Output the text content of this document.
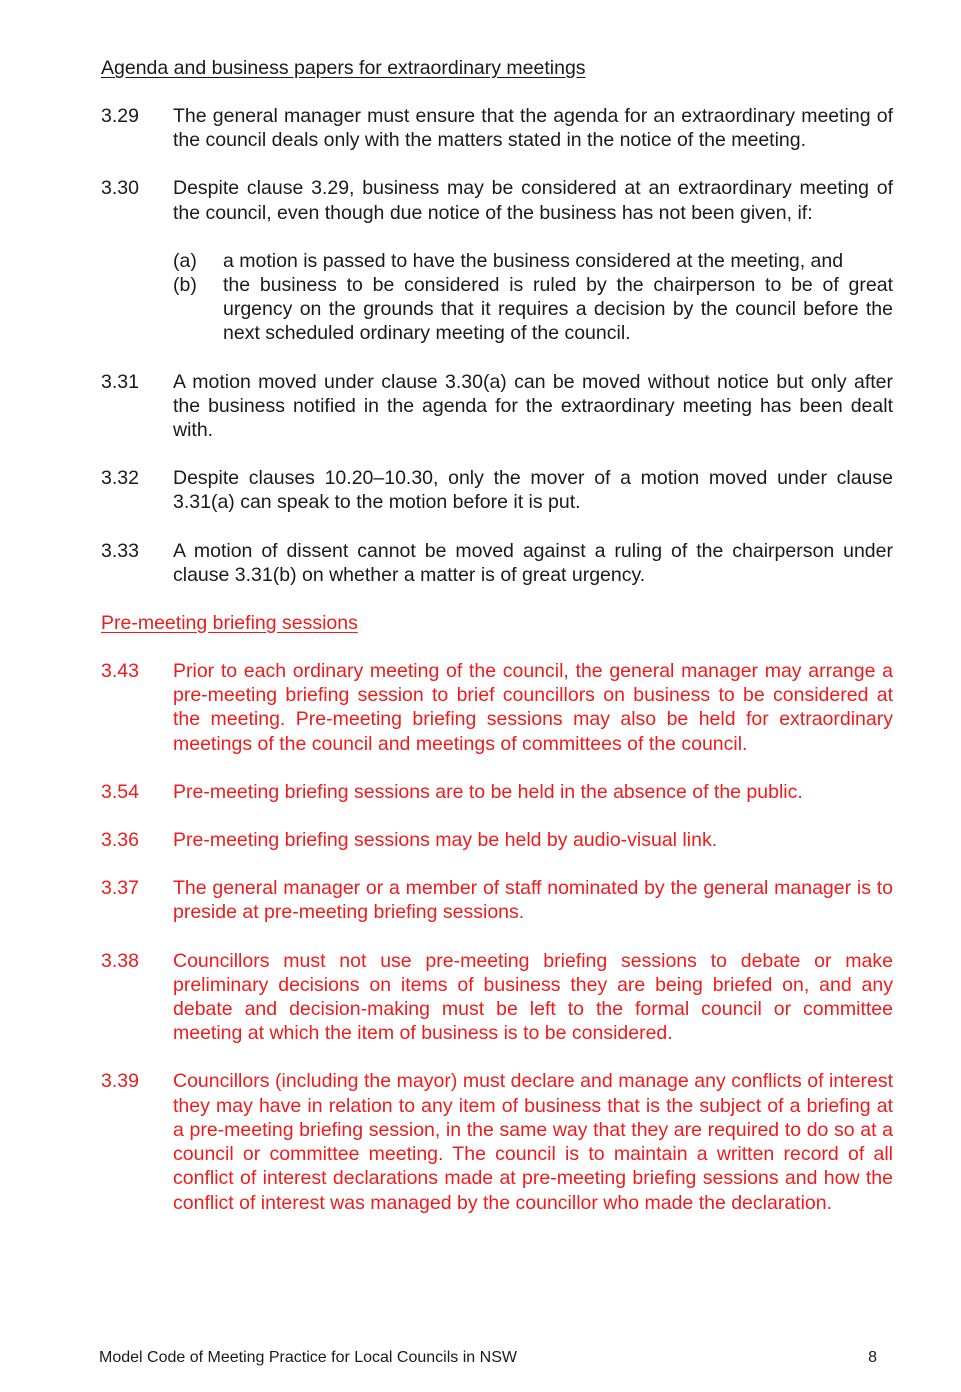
Agenda and business papers for extraordinary meetings
3.29	The general manager must ensure that the agenda for an extraordinary meeting of the council deals only with the matters stated in the notice of the meeting.

3.30	Despite clause 3.29, business may be considered at an extraordinary meeting of the council, even though due notice of the business has not been given, if:

(a)	a motion is passed to have the business considered at the meeting, and
(b)	the business to be considered is ruled by the chairperson to be of great urgency on the grounds that it requires a decision by the council before the next scheduled ordinary meeting of the council.
3.31	A motion moved under clause 3.30(a) can be moved without notice but only after the business notified in the agenda for the extraordinary meeting has been dealt with.

3.32	Despite clauses 10.20–10.30, only the mover of a motion moved under clause 3.31(a) can speak to the motion before it is put.

3.33	A motion of dissent cannot be moved against a ruling of the chairperson under clause 3.31(b) on whether a matter is of great urgency.

Pre-meeting briefing sessions
3.43	Prior to each ordinary meeting of the council, the general manager may arrange a pre-meeting briefing session to brief councillors on business to be considered at the meeting. Pre-meeting briefing sessions may also be held for extraordinary meetings of the council and meetings of committees of the council.

3.54	Pre-meeting briefing sessions are to be held in the absence of the public.

3.36	Pre-meeting briefing sessions may be held by audio-visual link.

3.37	The general manager or a member of staff nominated by the general manager is to preside at pre-meeting briefing sessions.

3.38	Councillors must not use pre-meeting briefing sessions to debate or make preliminary decisions on items of business they are being briefed on, and any debate and decision-making must be left to the formal council or committee meeting at which the item of business is to be considered.

3.39	Councillors (including the mayor) must declare and manage any conflicts of interest they may have in relation to any item of business that is the subject of a briefing at a pre-meeting briefing session, in the same way that they are required to do so at a council or committee meeting. The council is to maintain a written record of all conflict of interest declarations made at pre-meeting briefing sessions and how the conflict of interest was managed by the councillor who made the declaration.

Model Code of Meeting Practice for Local Councils in NSW	8
